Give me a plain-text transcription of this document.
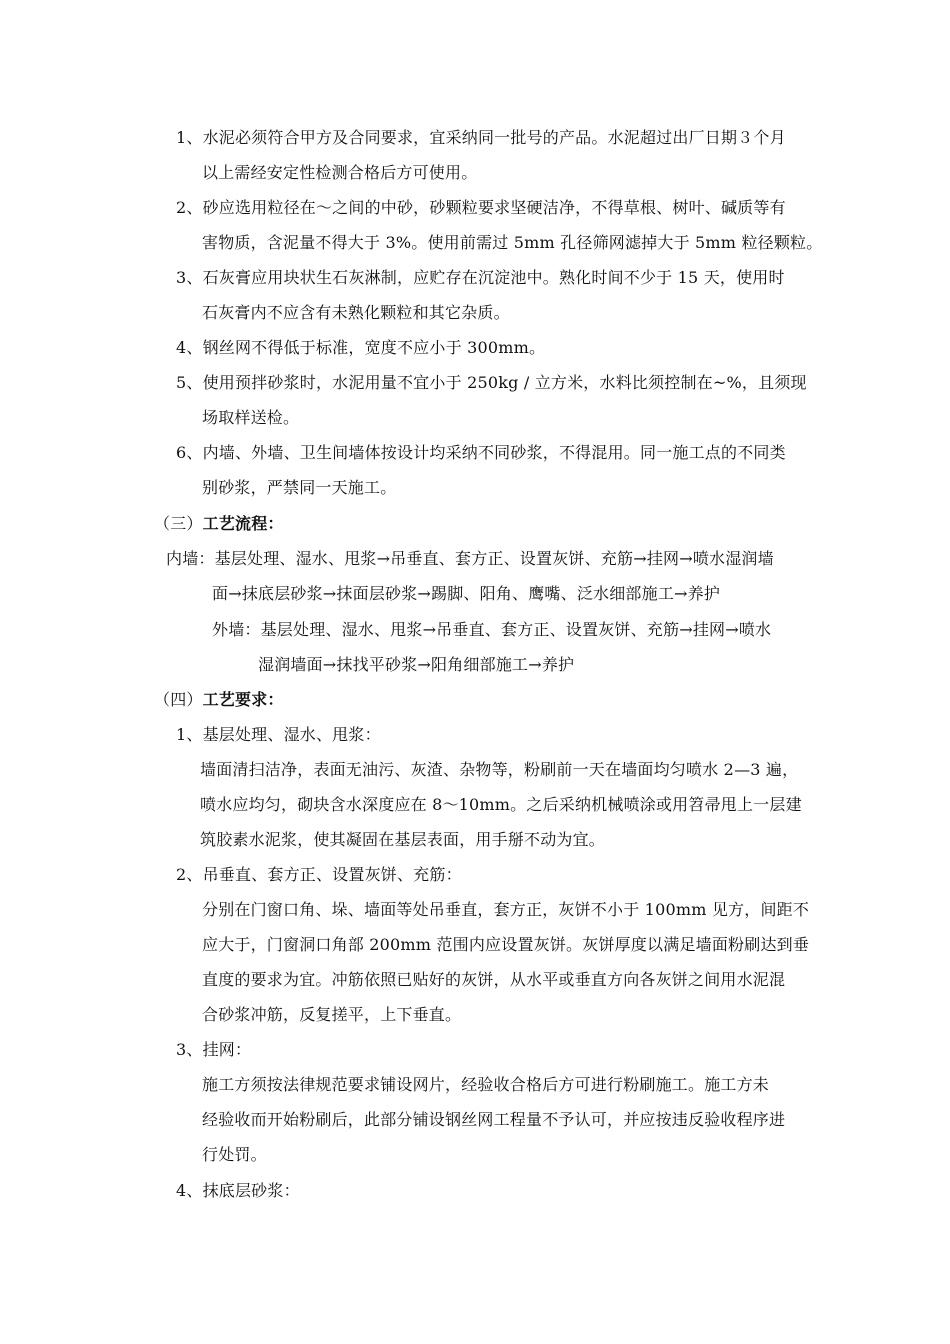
1、水泥必须符合甲方及合同要求，宜采纳同一批号的产品。水泥超过出厂日期３个月
以上需经安定性检测合格后方可使用。
2、砂应选用粒径在～之间的中砂，砂颗粒要求坚硬洁净，不得草根、树叶、碱质等有
害物质，含泥量不得大于 3%。使用前需过 5mm 孔径筛网滤掉大于 5mm 粒径颗粒。
3、石灰膏应用块状生石灰淋制，应贮存在沉淀池中。熟化时间不少于 15 天，使用时
石灰膏内不应含有未熟化颗粒和其它杂质。
4、钢丝网不得低于标准，宽度不应小于 300mm。
5、使用预拌砂浆时，水泥用量不宜小于 250kg / 立方米，水料比须控制在~%，且须现
场取样送检。
6、内墙、外墙、卫生间墙体按设计均采纳不同砂浆，不得混用。同一施工点的不同类
别砂浆，严禁同一天施工。
（三）工艺流程：
内墙：基层处理、湿水、甩浆→吊垂直、套方正、设置灰饼、充筋→挂网→喷水湿润墙
面→抹底层砂浆→抹面层砂浆→踢脚、阳角、鹰嘴、泛水细部施工→养护
外墙：基层处理、湿水、甩浆→吊垂直、套方正、设置灰饼、充筋→挂网→喷水
湿润墙面→抹找平砂浆→阳角细部施工→养护
（四）工艺要求：
1、基层处理、湿水、甩浆：
墙面清扫洁净，表面无油污、灰渣、杂物等，粉刷前一天在墙面均匀喷水 2—3 遍，
喷水应均匀，砌块含水深度应在 8～10mm。之后采纳机械喷涂或用笤帚甩上一层建
筑胶素水泥浆，使其凝固在基层表面，用手掰不动为宜。
2、吊垂直、套方正、设置灰饼、充筋：
分别在门窗口角、垛、墙面等处吊垂直，套方正，灰饼不小于 100mm 见方，间距不
应大于，门窗洞口角部 200mm 范围内应设置灰饼。灰饼厚度以满足墙面粉刷达到垂
直度的要求为宜。冲筋依照已贴好的灰饼，从水平或垂直方向各灰饼之间用水泥混
合砂浆冲筋，反复搓平，上下垂直。
3、挂网：
施工方须按法律规范要求铺设网片，经验收合格后方可进行粉刷施工。施工方未
经验收而开始粉刷后，此部分铺设钢丝网工程量不予认可，并应按违反验收程序进
行处罚。
4、抹底层砂浆：
